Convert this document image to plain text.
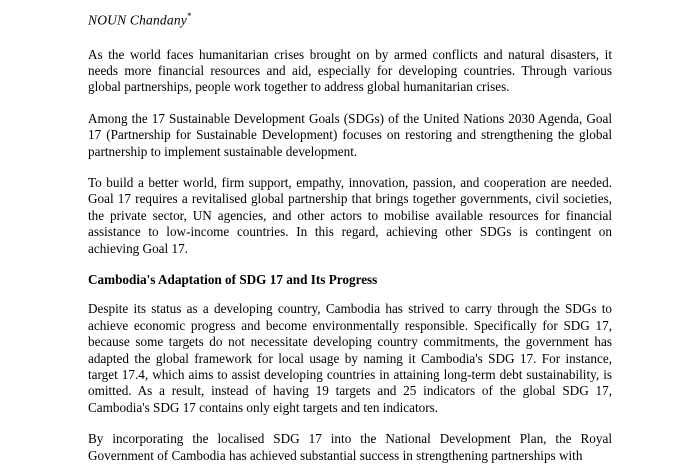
NOUN Chandany*

As the world faces humanitarian crises brought on by armed conflicts and natural disasters, it needs more financial resources and aid, especially for developing countries. Through various global partnerships, people work together to address global humanitarian crises.

Among the 17 Sustainable Development Goals (SDGs) of the United Nations 2030 Agenda, Goal 17 (Partnership for Sustainable Development) focuses on restoring and strengthening the global partnership to implement sustainable development.

To build a better world, firm support, empathy, innovation, passion, and cooperation are needed. Goal 17 requires a revitalised global partnership that brings together governments, civil societies, the private sector, UN agencies, and other actors to mobilise available resources for financial assistance to low-income countries. In this regard, achieving other SDGs is contingent on achieving Goal 17.

Cambodia's Adaptation of SDG 17 and Its Progress

Despite its status as a developing country, Cambodia has strived to carry through the SDGs to achieve economic progress and become environmentally responsible. Specifically for SDG 17, because some targets do not necessitate developing country commitments, the government has adapted the global framework for local usage by naming it Cambodia's SDG 17. For instance, target 17.4, which aims to assist developing countries in attaining long-term debt sustainability, is omitted. As a result, instead of having 19 targets and 25 indicators of the global SDG 17, Cambodia's SDG 17 contains only eight targets and ten indicators.

By incorporating the localised SDG 17 into the National Development Plan, the Royal Government of Cambodia has achieved substantial success in strengthening partnerships with
